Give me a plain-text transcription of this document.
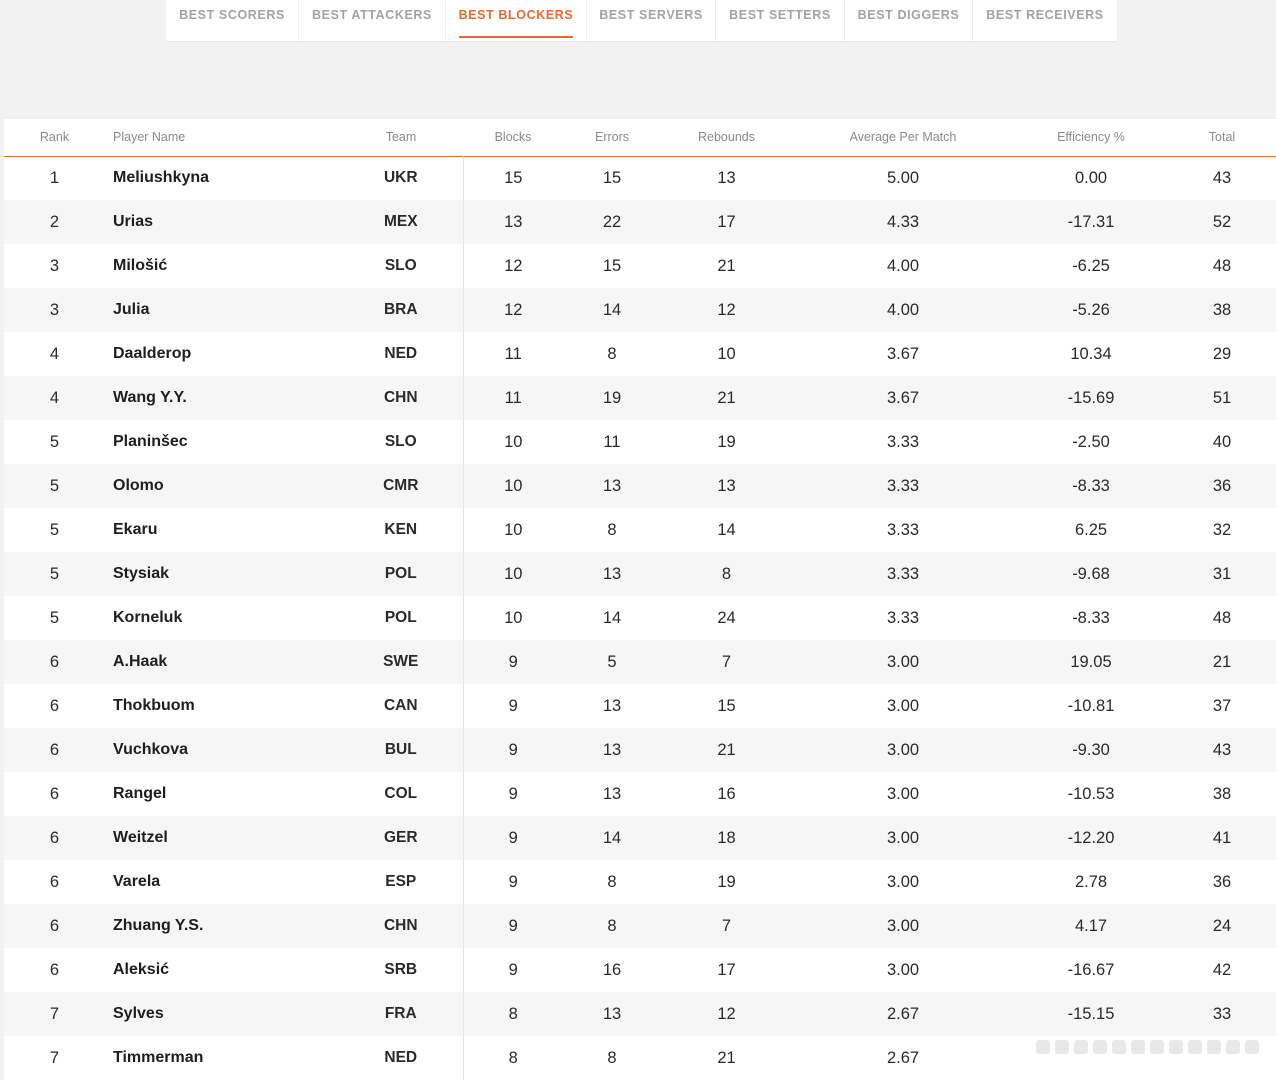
BEST SCORERS BEST ATTACKERS BEST BLOCKERS BEST SERVERS BEST SETTERS BEST DIGGERS BEST RECEIVERS
Rank	Player Name	Team	Blocks	Errors	Rebounds	Average Per Match	Efficiency %	Total
1	Meliushkyna	UKR	15	15	13	5.00	0.00	43
2	Urias	MEX	13	22	17	4.33	-17.31	52
3	Milošić	SLO	12	15	21	4.00	-6.25	48
3	Julia	BRA	12	14	12	4.00	-5.26	38
4	Daalderop	NED	11	8	10	3.67	10.34	29
4	Wang Y.Y.	CHN	11	19	21	3.67	-15.69	51
5	Planinšec	SLO	10	11	19	3.33	-2.50	40
5	Olomo	CMR	10	13	13	3.33	-8.33	36
5	Ekaru	KEN	10	8	14	3.33	6.25	32
5	Stysiak	POL	10	13	8	3.33	-9.68	31
5	Korneluk	POL	10	14	24	3.33	-8.33	48
6	A.Haak	SWE	9	5	7	3.00	19.05	21
6	Thokbuom	CAN	9	13	15	3.00	-10.81	37
6	Vuchkova	BUL	9	13	21	3.00	-9.30	43
6	Rangel	COL	9	13	16	3.00	-10.53	38
6	Weitzel	GER	9	14	18	3.00	-12.20	41
6	Varela	ESP	9	8	19	3.00	2.78	36
6	Zhuang Y.S.	CHN	9	8	7	3.00	4.17	24
6	Aleksić	SRB	9	16	17	3.00	-16.67	42
7	Sylves	FRA	8	13	12	2.67	-15.15	33
7	Timmerman	NED	8	8	21	2.67		
